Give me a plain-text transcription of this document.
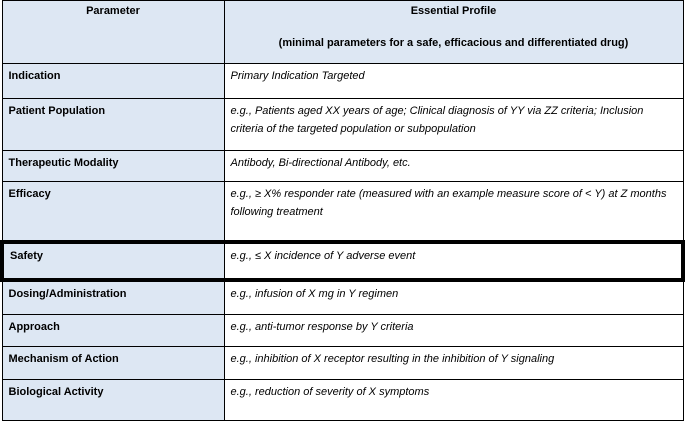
Parameter	Essential Profile
(minimal parameters for a safe, efficacious and differentiated drug)

Indication	Primary Indication Targeted
Patient Population	e.g., Patients aged XX years of age; Clinical diagnosis of YY via ZZ criteria; Inclusion criteria of the targeted population or subpopulation
Therapeutic Modality	Antibody, Bi-directional Antibody, etc.
Efficacy	e.g., ≥ X% responder rate (measured with an example measure score of < Y) at Z months following treatment
Safety	e.g., ≤ X incidence of Y adverse event
Dosing/Administration	e.g., infusion of X mg in Y regimen
Approach	e.g., anti-tumor response by Y criteria
Mechanism of Action	e.g., inhibition of X receptor resulting in the inhibition of Y signaling
Biological Activity	e.g., reduction of severity of X symptoms
